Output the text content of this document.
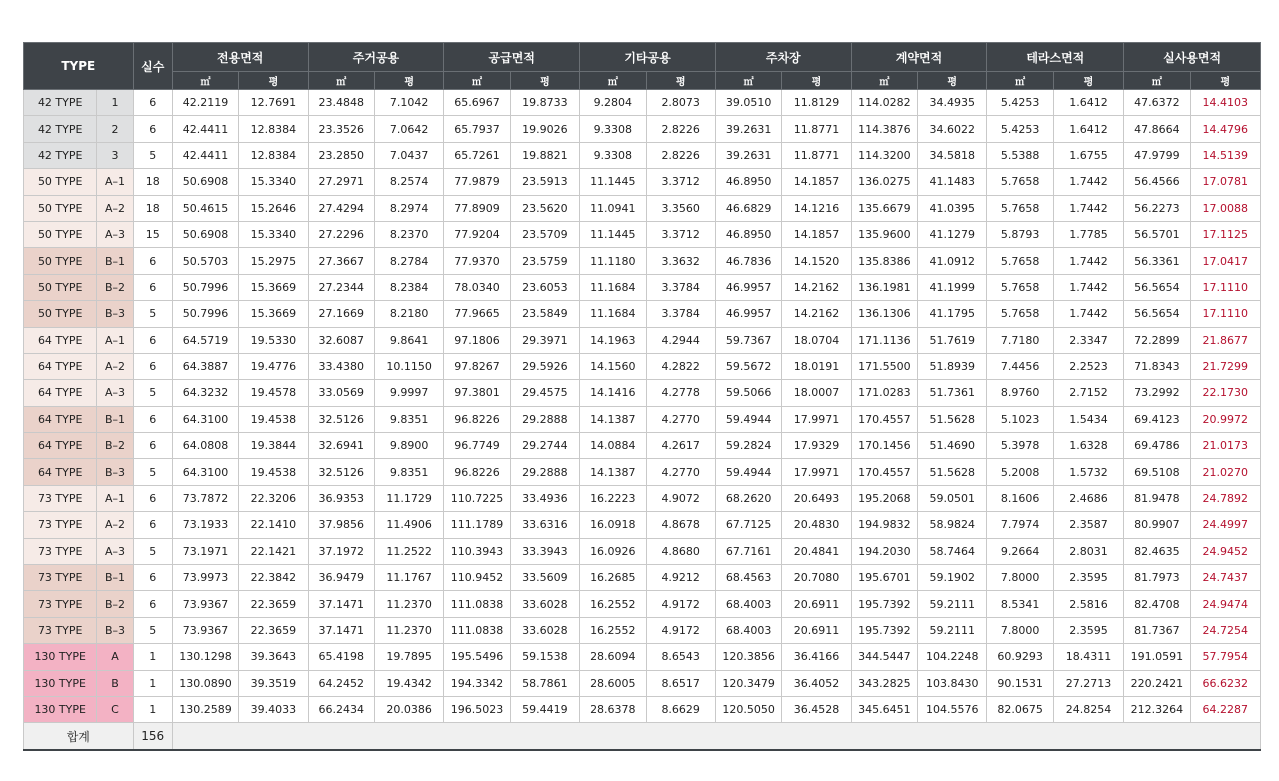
TYPE		실수	전용면적		주거공용		공급면적		기타공용		주차장		계약면적		테라스면적		실사용면적	
			㎡	평	㎡	평	㎡	평	㎡	평	㎡	평	㎡	평	㎡	평	㎡	평
42 TYPE	1	6	42.2119	12.7691	23.4848	7.1042	65.6967	19.8733	9.2804	2.8073	39.0510	11.8129	114.0282	34.4935	5.4253	1.6412	47.6372	14.4103
42 TYPE	2	6	42.4411	12.8384	23.3526	7.0642	65.7937	19.9026	9.3308	2.8226	39.2631	11.8771	114.3876	34.6022	5.4253	1.6412	47.8664	14.4796
42 TYPE	3	5	42.4411	12.8384	23.2850	7.0437	65.7261	19.8821	9.3308	2.8226	39.2631	11.8771	114.3200	34.5818	5.5388	1.6755	47.9799	14.5139
50 TYPE	A–1	18	50.6908	15.3340	27.2971	8.2574	77.9879	23.5913	11.1445	3.3712	46.8950	14.1857	136.0275	41.1483	5.7658	1.7442	56.4566	17.0781
50 TYPE	A–2	18	50.4615	15.2646	27.4294	8.2974	77.8909	23.5620	11.0941	3.3560	46.6829	14.1216	135.6679	41.0395	5.7658	1.7442	56.2273	17.0088
50 TYPE	A–3	15	50.6908	15.3340	27.2296	8.2370	77.9204	23.5709	11.1445	3.3712	46.8950	14.1857	135.9600	41.1279	5.8793	1.7785	56.5701	17.1125
50 TYPE	B–1	6	50.5703	15.2975	27.3667	8.2784	77.9370	23.5759	11.1180	3.3632	46.7836	14.1520	135.8386	41.0912	5.7658	1.7442	56.3361	17.0417
50 TYPE	B–2	6	50.7996	15.3669	27.2344	8.2384	78.0340	23.6053	11.1684	3.3784	46.9957	14.2162	136.1981	41.1999	5.7658	1.7442	56.5654	17.1110
50 TYPE	B–3	5	50.7996	15.3669	27.1669	8.2180	77.9665	23.5849	11.1684	3.3784	46.9957	14.2162	136.1306	41.1795	5.7658	1.7442	56.5654	17.1110
64 TYPE	A–1	6	64.5719	19.5330	32.6087	9.8641	97.1806	29.3971	14.1963	4.2944	59.7367	18.0704	171.1136	51.7619	7.7180	2.3347	72.2899	21.8677
64 TYPE	A–2	6	64.3887	19.4776	33.4380	10.1150	97.8267	29.5926	14.1560	4.2822	59.5672	18.0191	171.5500	51.8939	7.4456	2.2523	71.8343	21.7299
64 TYPE	A–3	5	64.3232	19.4578	33.0569	9.9997	97.3801	29.4575	14.1416	4.2778	59.5066	18.0007	171.0283	51.7361	8.9760	2.7152	73.2992	22.1730
64 TYPE	B–1	6	64.3100	19.4538	32.5126	9.8351	96.8226	29.2888	14.1387	4.2770	59.4944	17.9971	170.4557	51.5628	5.1023	1.5434	69.4123	20.9972
64 TYPE	B–2	6	64.0808	19.3844	32.6941	9.8900	96.7749	29.2744	14.0884	4.2617	59.2824	17.9329	170.1456	51.4690	5.3978	1.6328	69.4786	21.0173
64 TYPE	B–3	5	64.3100	19.4538	32.5126	9.8351	96.8226	29.2888	14.1387	4.2770	59.4944	17.9971	170.4557	51.5628	5.2008	1.5732	69.5108	21.0270
73 TYPE	A–1	6	73.7872	22.3206	36.9353	11.1729	110.7225	33.4936	16.2223	4.9072	68.2620	20.6493	195.2068	59.0501	8.1606	2.4686	81.9478	24.7892
73 TYPE	A–2	6	73.1933	22.1410	37.9856	11.4906	111.1789	33.6316	16.0918	4.8678	67.7125	20.4830	194.9832	58.9824	7.7974	2.3587	80.9907	24.4997
73 TYPE	A–3	5	73.1971	22.1421	37.1972	11.2522	110.3943	33.3943	16.0926	4.8680	67.7161	20.4841	194.2030	58.7464	9.2664	2.8031	82.4635	24.9452
73 TYPE	B–1	6	73.9973	22.3842	36.9479	11.1767	110.9452	33.5609	16.2685	4.9212	68.4563	20.7080	195.6701	59.1902	7.8000	2.3595	81.7973	24.7437
73 TYPE	B–2	6	73.9367	22.3659	37.1471	11.2370	111.0838	33.6028	16.2552	4.9172	68.4003	20.6911	195.7392	59.2111	8.5341	2.5816	82.4708	24.9474
73 TYPE	B–3	5	73.9367	22.3659	37.1471	11.2370	111.0838	33.6028	16.2552	4.9172	68.4003	20.6911	195.7392	59.2111	7.8000	2.3595	81.7367	24.7254
130 TYPE	A	1	130.1298	39.3643	65.4198	19.7895	195.5496	59.1538	28.6094	8.6543	120.3856	36.4166	344.5447	104.2248	60.9293	18.4311	191.0591	57.7954
130 TYPE	B	1	130.0890	39.3519	64.2452	19.4342	194.3342	58.7861	28.6005	8.6517	120.3479	36.4052	343.2825	103.8430	90.1531	27.2713	220.2421	66.6232
130 TYPE	C	1	130.2589	39.4033	66.2434	20.0386	196.5023	59.4419	28.6378	8.6629	120.5050	36.4528	345.6451	104.5576	82.0675	24.8254	212.3264	64.2287
합계		156																
